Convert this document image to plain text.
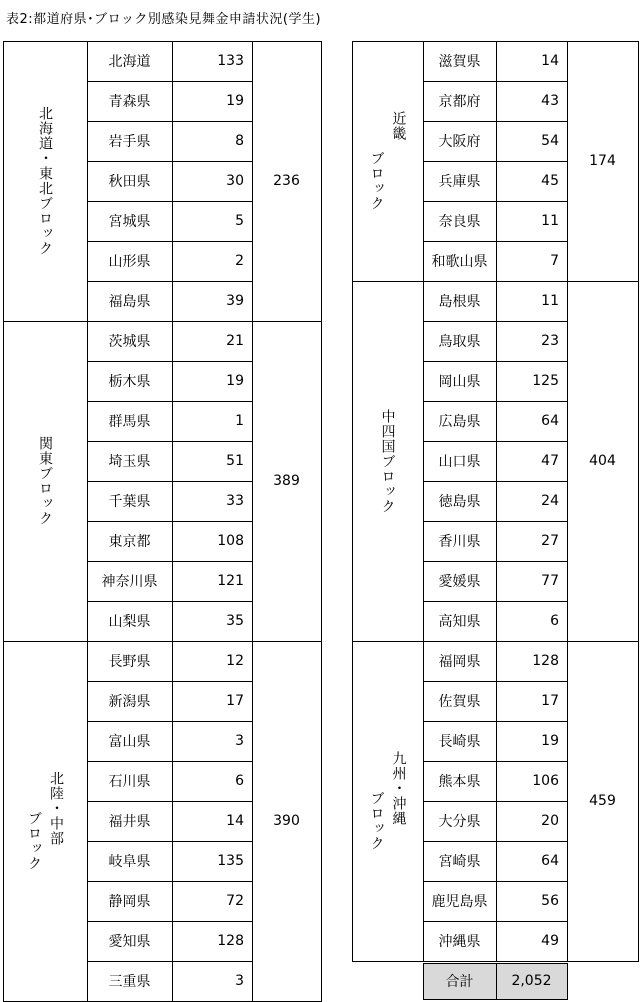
表2:都道府県･ブロック別感染見舞金申請状況(学生)
北海道・東北ブロック
北海道	133
青森県	19
岩手県	8
秋田県	30
宮城県	5
山形県	2
福島県	39
236
関東ブロック
茨城県	21
栃木県	19
群馬県	1
埼玉県	51
千葉県	33
東京都	108
神奈川県	121
山梨県	35
389
北陸・中部
ブロック
長野県	12
新潟県	17
富山県	3
石川県	6
福井県	14
岐阜県	135
静岡県	72
愛知県	128
三重県	3
390
近畿
ブロック
滋賀県	14
京都府	43
大阪府	54
兵庫県	45
奈良県	11
和歌山県	7
174
中四国ブロック
島根県	11
鳥取県	23
岡山県	125
広島県	64
山口県	47
徳島県	24
香川県	27
愛媛県	77
高知県	6
404
九州・沖縄
ブロック
福岡県	128
佐賀県	17
長崎県	19
熊本県	106
大分県	20
宮崎県	64
鹿児島県	56
沖縄県	49
459
合計	2,052
